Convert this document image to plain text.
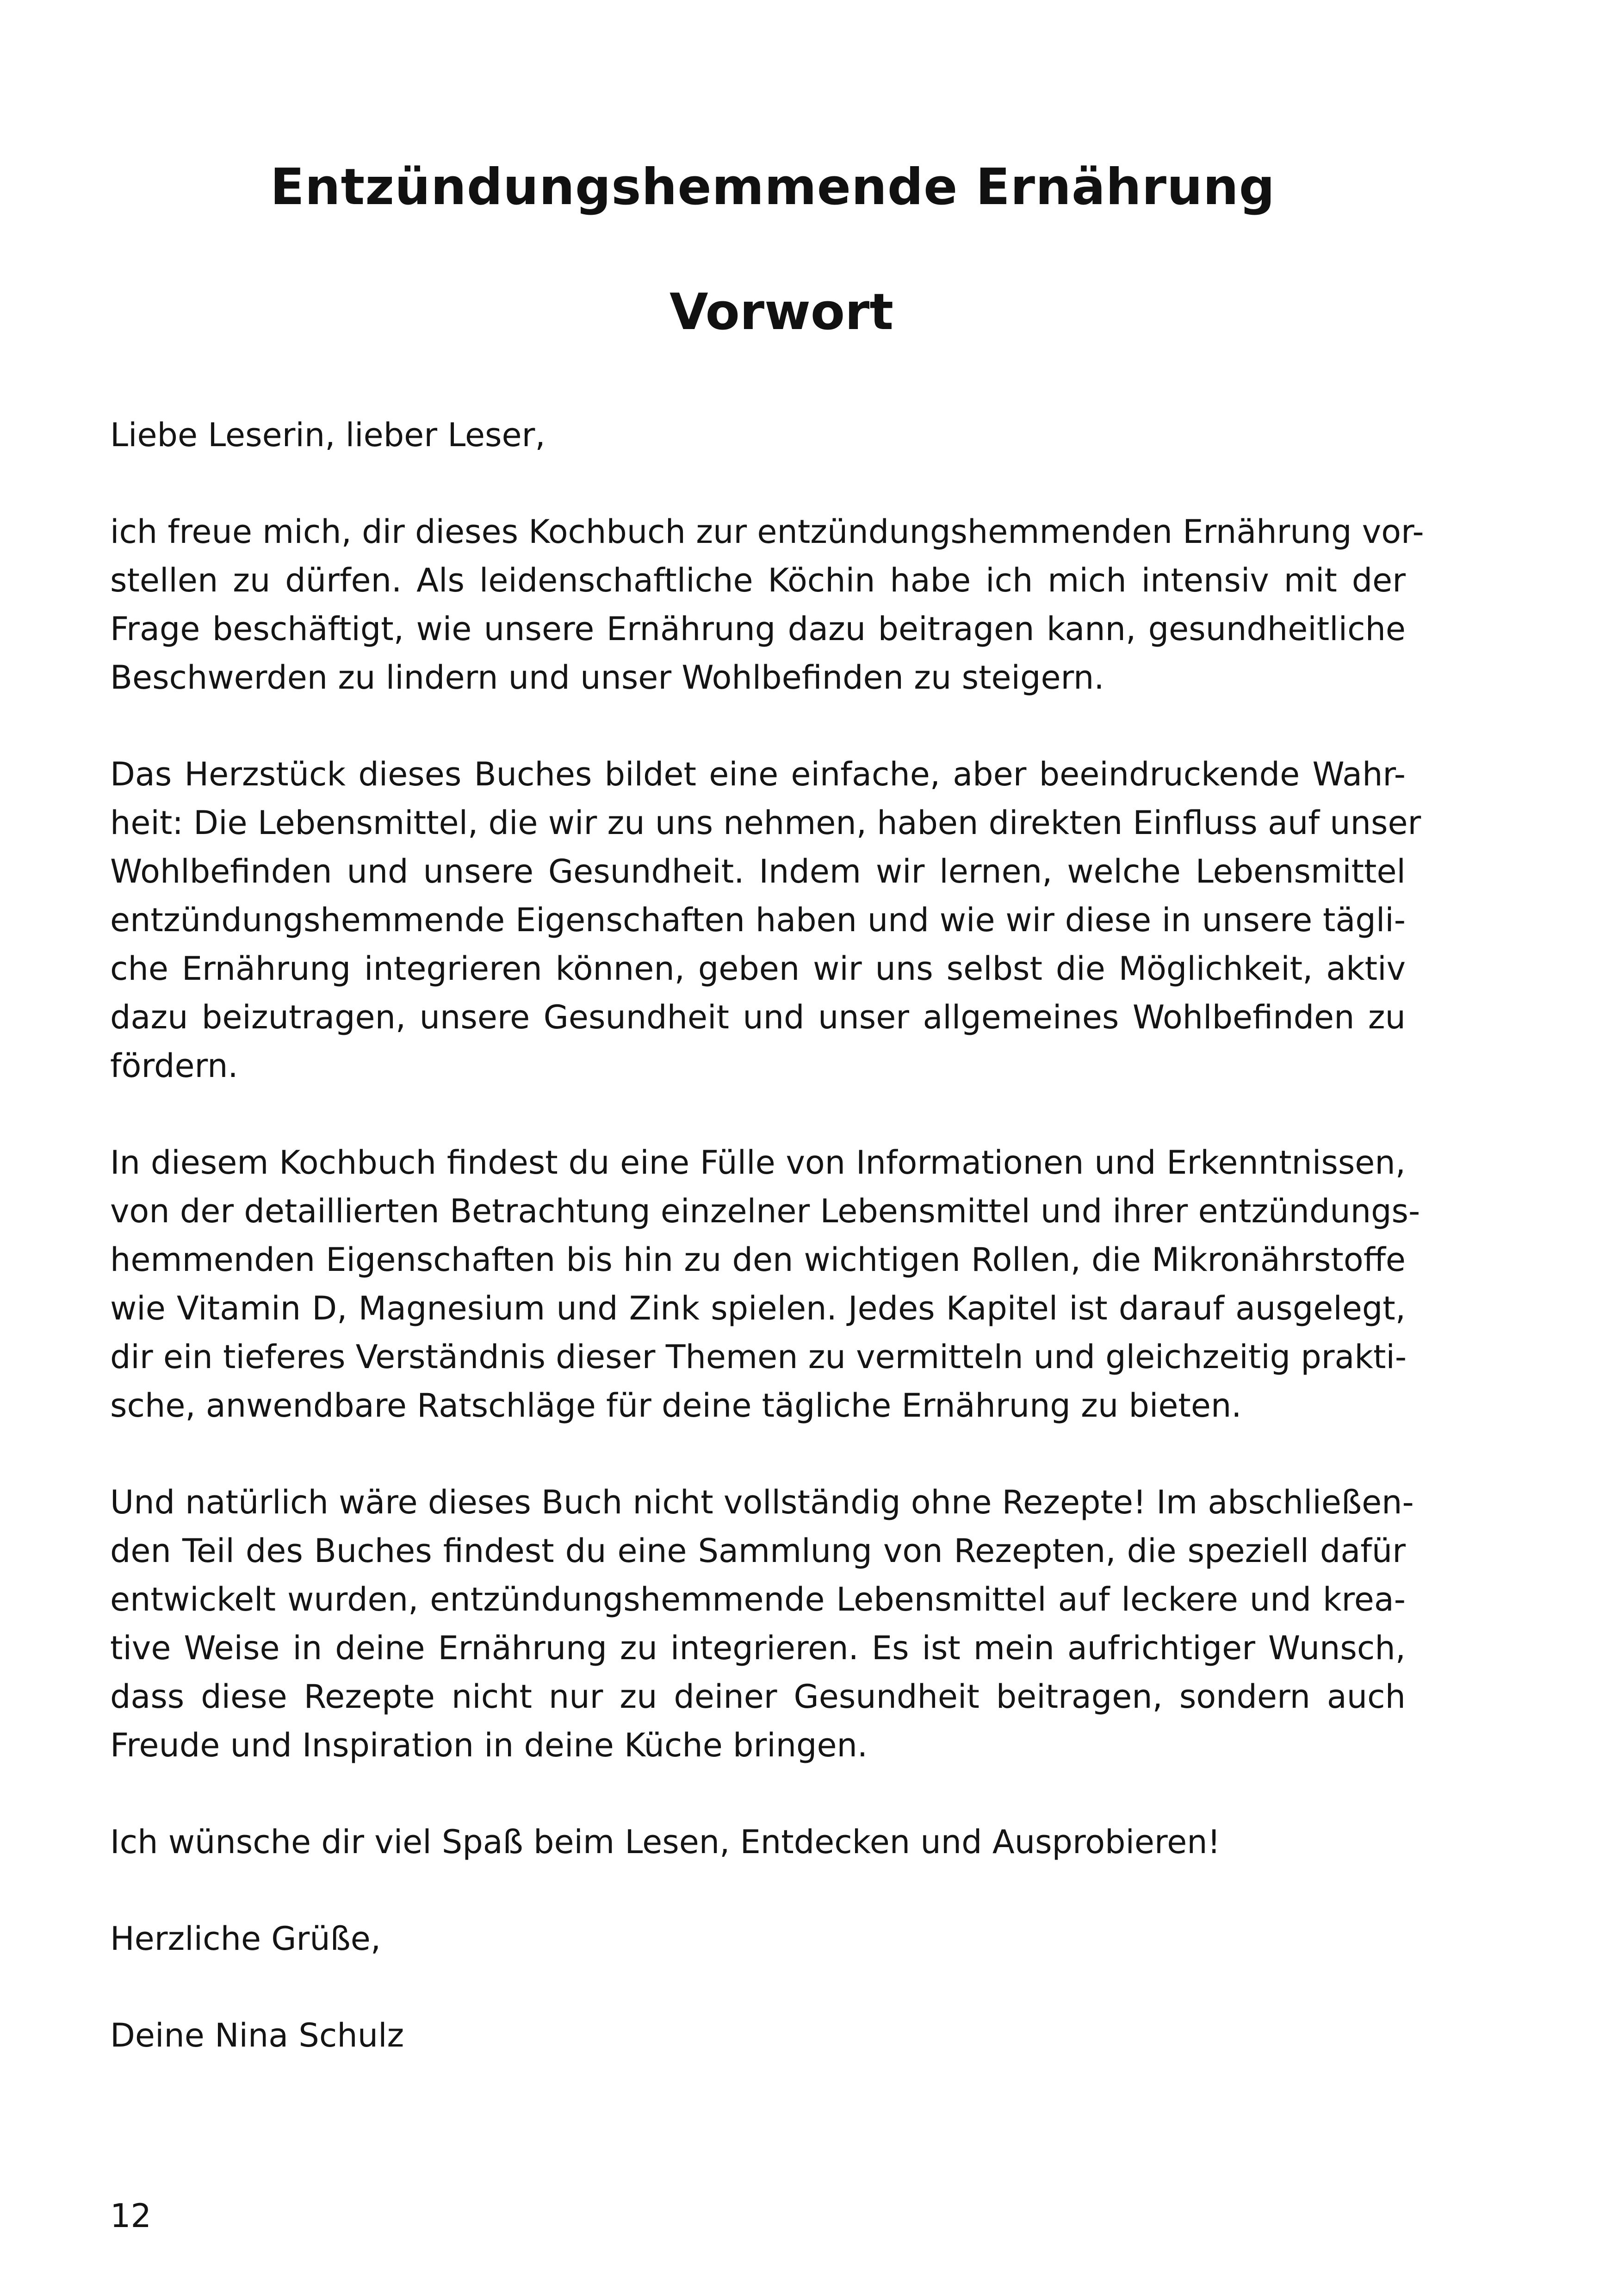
Entzündungshemmende Ernährung
Vorwort
Liebe Leserin, lieber Leser,
ich freue mich, dir dieses Kochbuch zur entzündungshemmenden Ernährung vor-
stellen zu dürfen. Als leidenschaftliche Köchin habe ich mich intensiv mit der
Frage beschäftigt, wie unsere Ernährung dazu beitragen kann, gesundheitliche
Beschwerden zu lindern und unser Wohlbefinden zu steigern.
Das Herzstück dieses Buches bildet eine einfache, aber beeindruckende Wahr-
heit: Die Lebensmittel, die wir zu uns nehmen, haben direkten Einfluss auf unser
Wohlbefinden und unsere Gesundheit. Indem wir lernen, welche Lebensmittel
entzündungshemmende Eigenschaften haben und wie wir diese in unsere tägli-
che Ernährung integrieren können, geben wir uns selbst die Möglichkeit, aktiv
dazu beizutragen, unsere Gesundheit und unser allgemeines Wohlbefinden zu
fördern.
In diesem Kochbuch findest du eine Fülle von Informationen und Erkenntnissen,
von der detaillierten Betrachtung einzelner Lebensmittel und ihrer entzündungs-
hemmenden Eigenschaften bis hin zu den wichtigen Rollen, die Mikronährstoffe
wie Vitamin D, Magnesium und Zink spielen. Jedes Kapitel ist darauf ausgelegt,
dir ein tieferes Verständnis dieser Themen zu vermitteln und gleichzeitig prakti-
sche, anwendbare Ratschläge für deine tägliche Ernährung zu bieten.
Und natürlich wäre dieses Buch nicht vollständig ohne Rezepte! Im abschließen-
den Teil des Buches findest du eine Sammlung von Rezepten, die speziell dafür
entwickelt wurden, entzündungshemmende Lebensmittel auf leckere und krea-
tive Weise in deine Ernährung zu integrieren. Es ist mein aufrichtiger Wunsch,
dass diese Rezepte nicht nur zu deiner Gesundheit beitragen, sondern auch
Freude und Inspiration in deine Küche bringen.
Ich wünsche dir viel Spaß beim Lesen, Entdecken und Ausprobieren!
Herzliche Grüße,
Deine Nina Schulz

12
